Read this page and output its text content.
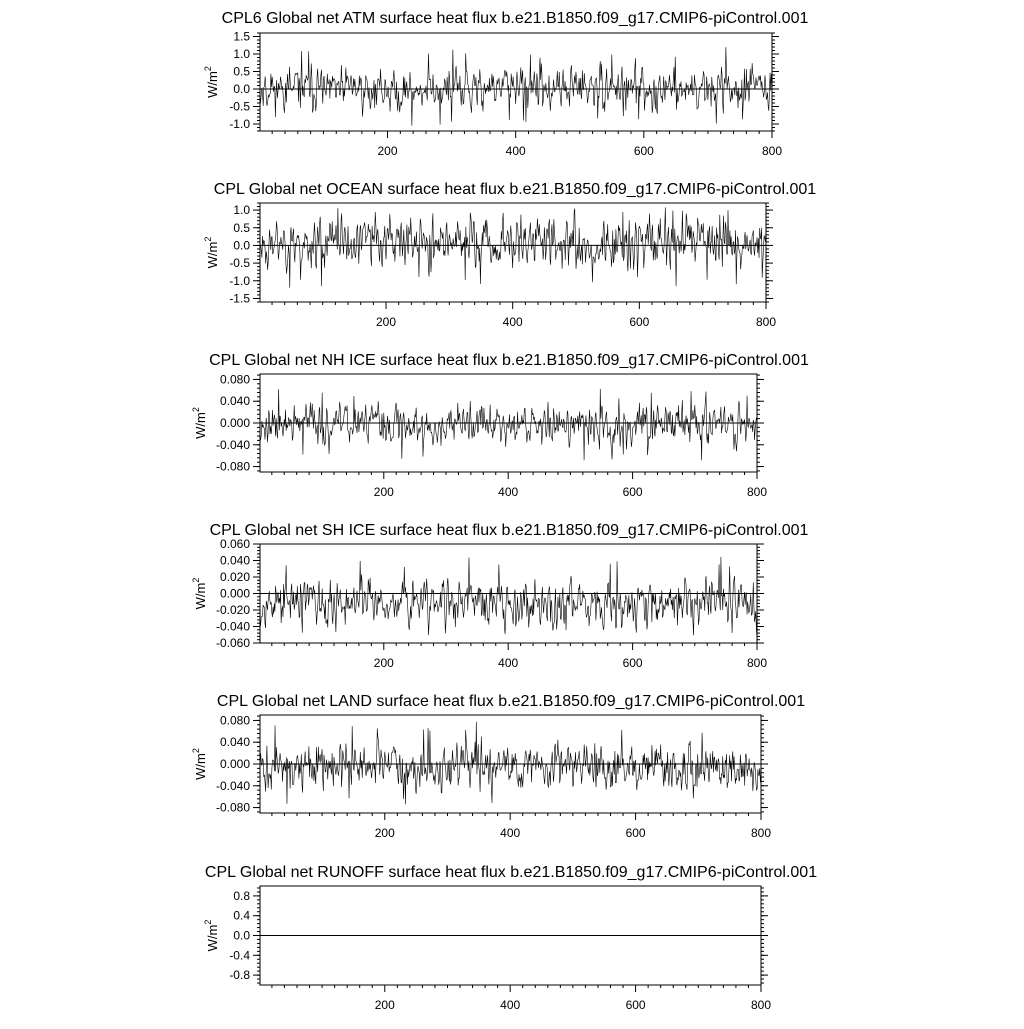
CPL6 Global net ATM surface heat flux b.e21.B1850.f09_g17.CMIP6-piControl.001
-1.0
-0.5
0.0
0.5
1.0
1.5
200	400	600	800
$W/m^2$
CPL Global net OCEAN surface heat flux b.e21.B1850.f09_g17.CMIP6-piControl.001
-1.5
-1.0
-0.5
0.0
0.5
1.0
200	400	600	800
$W/m^2$
CPL Global net NH ICE surface heat flux b.e21.B1850.f09_g17.CMIP6-piControl.001
-0.080
-0.040
0.000
0.040
0.080
200	400	600	800
$W/m^2$
CPL Global net SH ICE surface heat flux b.e21.B1850.f09_g17.CMIP6-piControl.001
-0.060
-0.040
-0.020
0.000
0.020
0.040
0.060
200	400	600	800
$W/m^2$
CPL Global net LAND surface heat flux b.e21.B1850.f09_g17.CMIP6-piControl.001
-0.080
-0.040
0.000
0.040
0.080
200	400	600	800
$W/m^2$
CPL Global net RUNOFF surface heat flux b.e21.B1850.f09_g17.CMIP6-piControl.001
-0.8
-0.4
0.0
0.4
0.8
200	400	600	800
$W/m^2$
